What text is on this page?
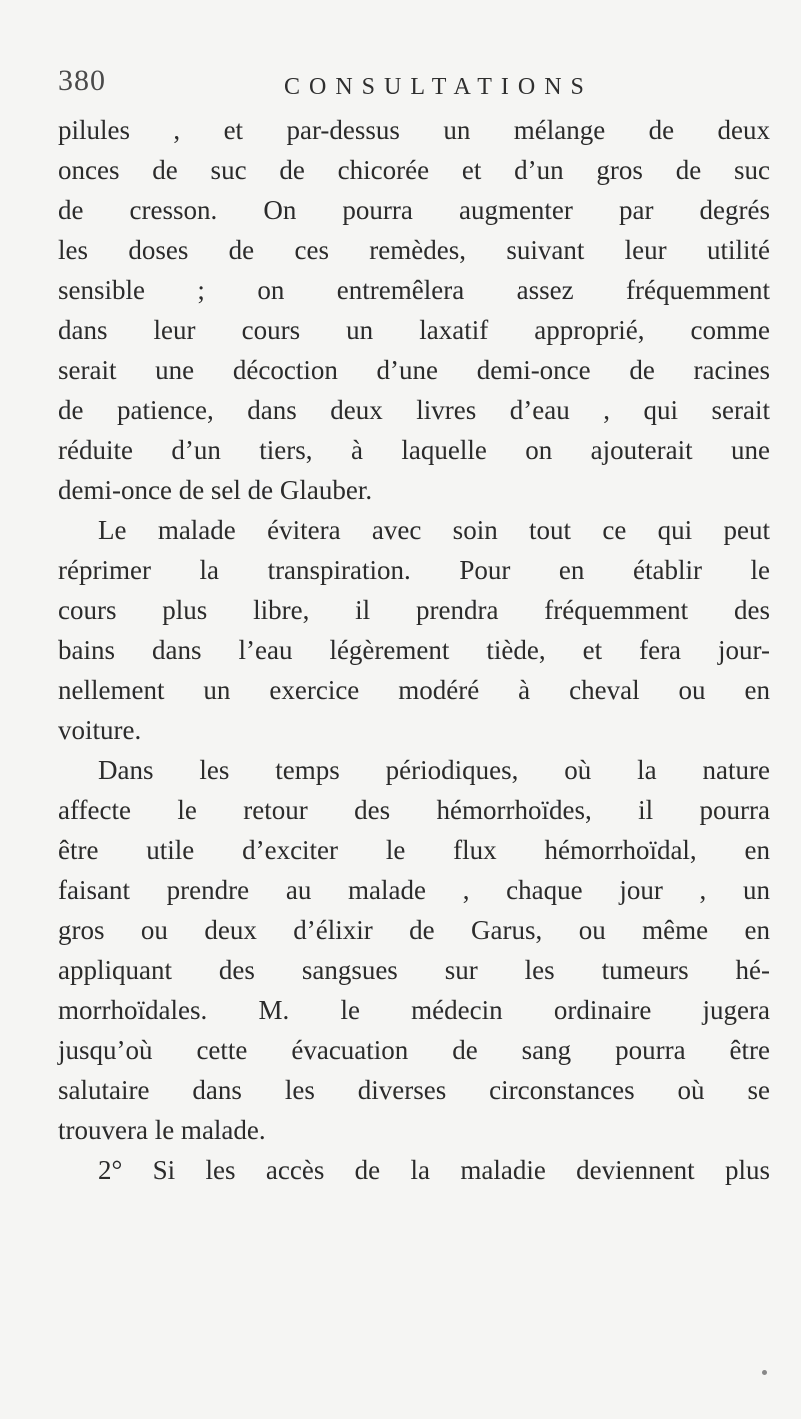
380	CONSULTATIONS
pilules , et par-dessus un mélange de deux
onces de suc de chicorée et d’un gros de suc
de cresson. On pourra augmenter par degrés
les doses de ces remèdes, suivant leur utilité
sensible ; on entremêlera assez fréquemment
dans leur cours un laxatif approprié, comme
serait une décoction d’une demi-once de racines
de patience, dans deux livres d’eau , qui serait
réduite d’un tiers, à laquelle on ajouterait une
demi-once de sel de Glauber.
Le malade évitera avec soin tout ce qui peut
réprimer la transpiration. Pour en établir le
cours plus libre, il prendra fréquemment des
bains dans l’eau légèrement tiède, et fera jour-
nellement un exercice modéré à cheval ou en
voiture.
Dans les temps périodiques, où la nature
affecte le retour des hémorrhoïdes, il pourra
être utile d’exciter le flux hémorrhoïdal, en
faisant prendre au malade , chaque jour , un
gros ou deux d’élixir de Garus, ou même en
appliquant des sangsues sur les tumeurs hé-
morrhoïdales. M. le médecin ordinaire jugera
jusqu’où cette évacuation de sang pourra être
salutaire dans les diverses circonstances où se
trouvera le malade.
2° Si les accès de la maladie deviennent plus
